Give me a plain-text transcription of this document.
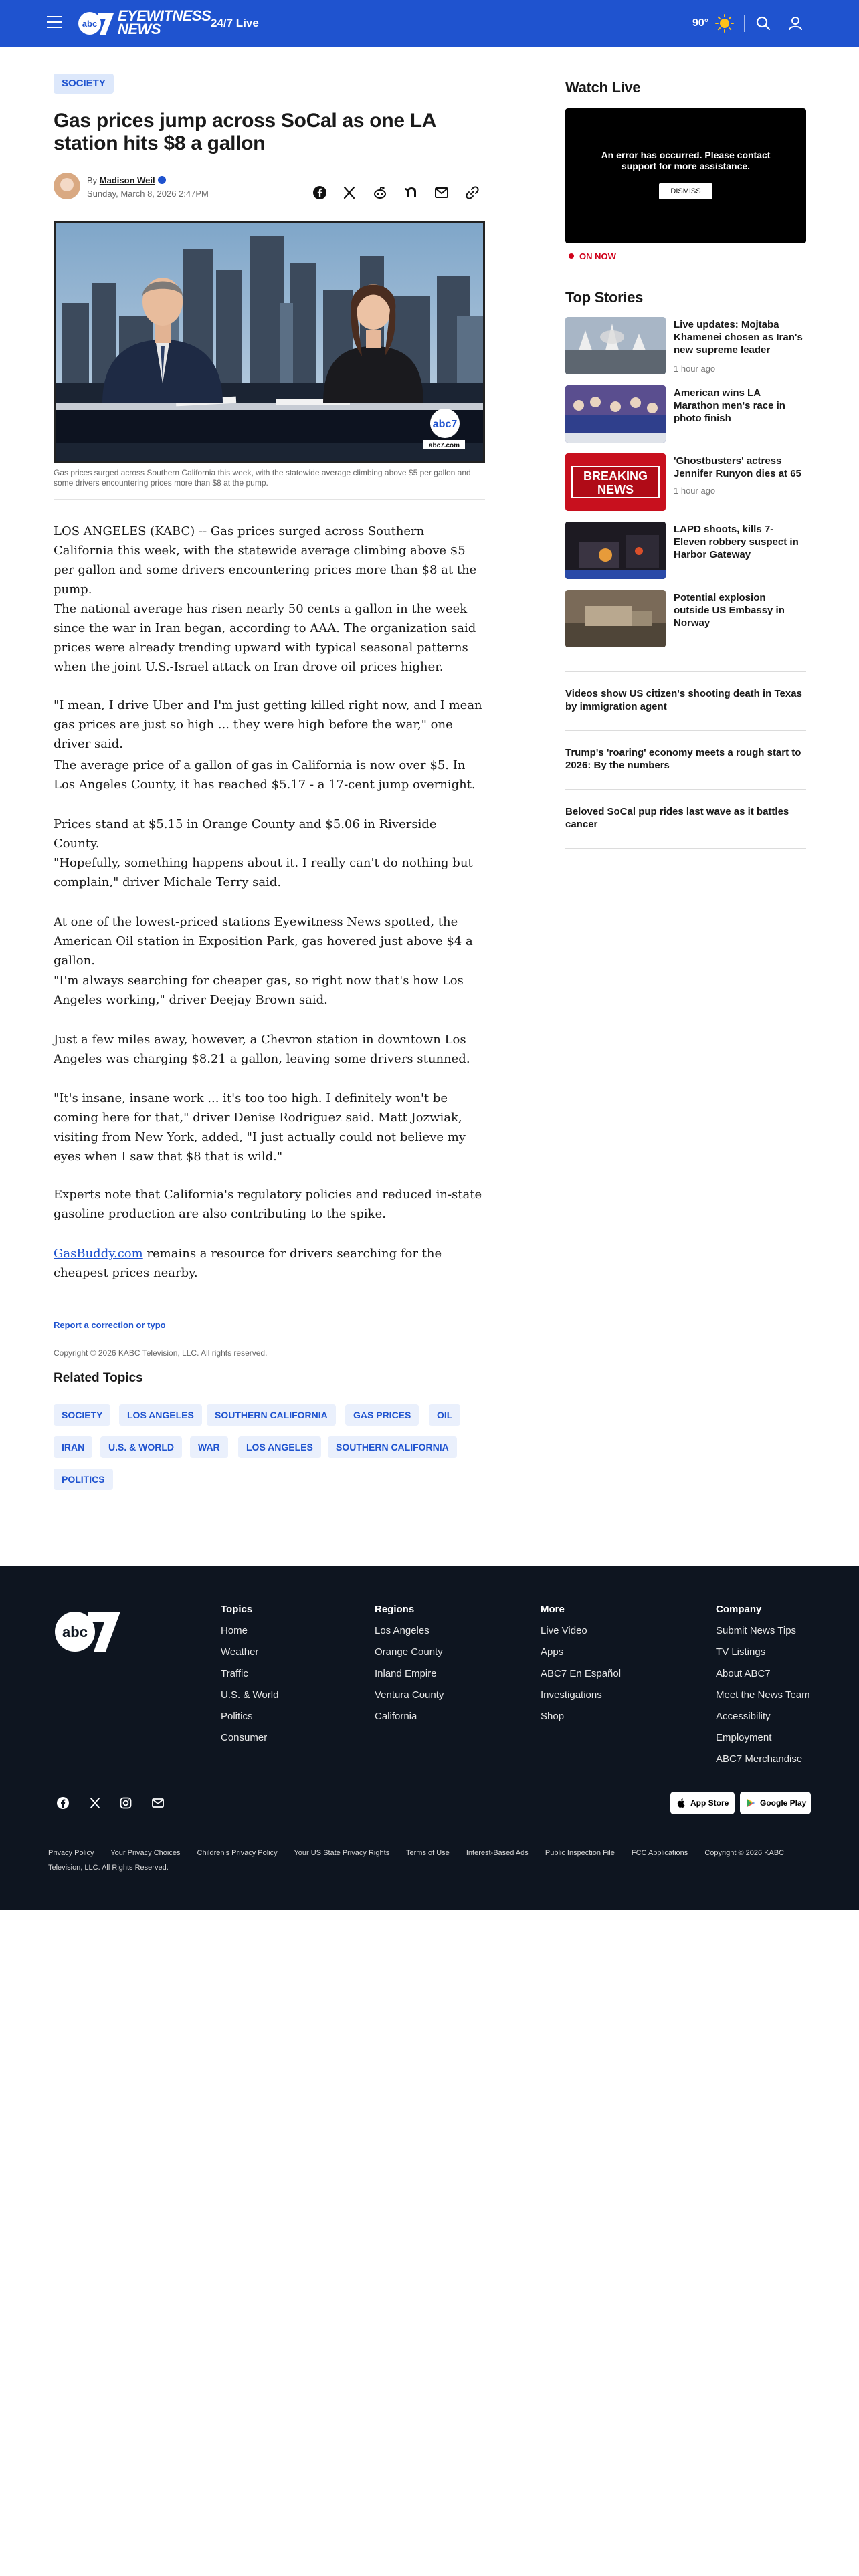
abc EYEWITNESS
NEWS	24/7 Live	90°
SOCIETY
Gas prices jump across SoCal as one LA station hits $8 a gallon
By Madison Weil
Sunday, March 8, 2026 2:47PM
abc7
abc7.com
Gas prices surged across Southern California this week, with the statewide average climbing above $5 per gallon and some drivers encountering prices more than $8 at the pump.

LOS ANGELES (KABC) -- Gas prices surged across Southern California this week, with the statewide average climbing above $5 per gallon and some drivers encountering prices more than $8 at the pump.

The national average has risen nearly 50 cents a gallon in the week since the war in Iran began, according to AAA. The organization said prices were already trending upward with typical seasonal patterns when the joint U.S.-Israel attack on Iran drove oil prices higher.

"I mean, I drive Uber and I'm just getting killed right now, and I mean gas prices are just so high ... they were high before the war," one driver said.

The average price of a gallon of gas in California is now over $5. In Los Angeles County, it has reached $5.17 - a 17-cent jump overnight.

Prices stand at $5.15 in Orange County and $5.06 in Riverside County.

"Hopefully, something happens about it. I really can't do nothing but complain," driver Michale Terry said.

At one of the lowest-priced stations Eyewitness News spotted, the American Oil station in Exposition Park, gas hovered just above $4 a gallon.

"I'm always searching for cheaper gas, so right now that's how Los Angeles working," driver Deejay Brown said.

Just a few miles away, however, a Chevron station in downtown Los Angeles was charging $8.21 a gallon, leaving some drivers stunned.

"It's insane, insane work ... it's too too high. I definitely won't be coming here for that," driver Denise Rodriguez said. Matt Jozwiak, visiting from New York, added, "I just actually could not believe my eyes when I saw that $8 that is wild."

Experts note that California's regulatory policies and reduced in-state gasoline production are also contributing to the spike.

GasBuddy.com remains a resource for drivers searching for the cheapest prices nearby.

Report a correction or typo
Copyright © 2026 KABC Television, LLC. All rights reserved.
Related Topics
SOCIETY	LOS ANGELES	SOUTHERN CALIFORNIA	GAS PRICES	OIL
IRAN	U.S. & WORLD	WAR	LOS ANGELES	SOUTHERN CALIFORNIA
POLITICS
Watch Live
An error has occurred. Please contact support for more assistance.
DISMISS
ON NOW
Top Stories
Live updates: Mojtaba Khamenei chosen as Iran's new supreme leader
1 hour ago
American wins LA Marathon men's race in photo finish
BREAKING
NEWS
'Ghostbusters' actress Jennifer Runyon dies at 65
1 hour ago
LAPD shoots, kills 7-Eleven robbery suspect in Harbor Gateway
Potential explosion outside US Embassy in Norway
Videos show US citizen's shooting death in Texas by immigration agent
Trump's 'roaring' economy meets a rough start to 2026: By the numbers
Beloved SoCal pup rides last wave as it battles cancer
abc
Topics
Home
Weather
Traffic
U.S. & World
Politics
Consumer
Regions
Los Angeles
Orange County
Inland Empire
Ventura County
California
More
Live Video
Apps
ABC7 En Español
Investigations
Shop
Company
Submit News Tips
TV Listings
About ABC7
Meet the News Team
Accessibility
Employment
ABC7 Merchandise
App Store	Google Play
Privacy Policy Your Privacy Choices Children's Privacy Policy Your US State Privacy Rights Terms of Use Interest-Based Ads Public Inspection File FCC Applications Copyright © 2026 KABC Television, LLC. All Rights Reserved.
